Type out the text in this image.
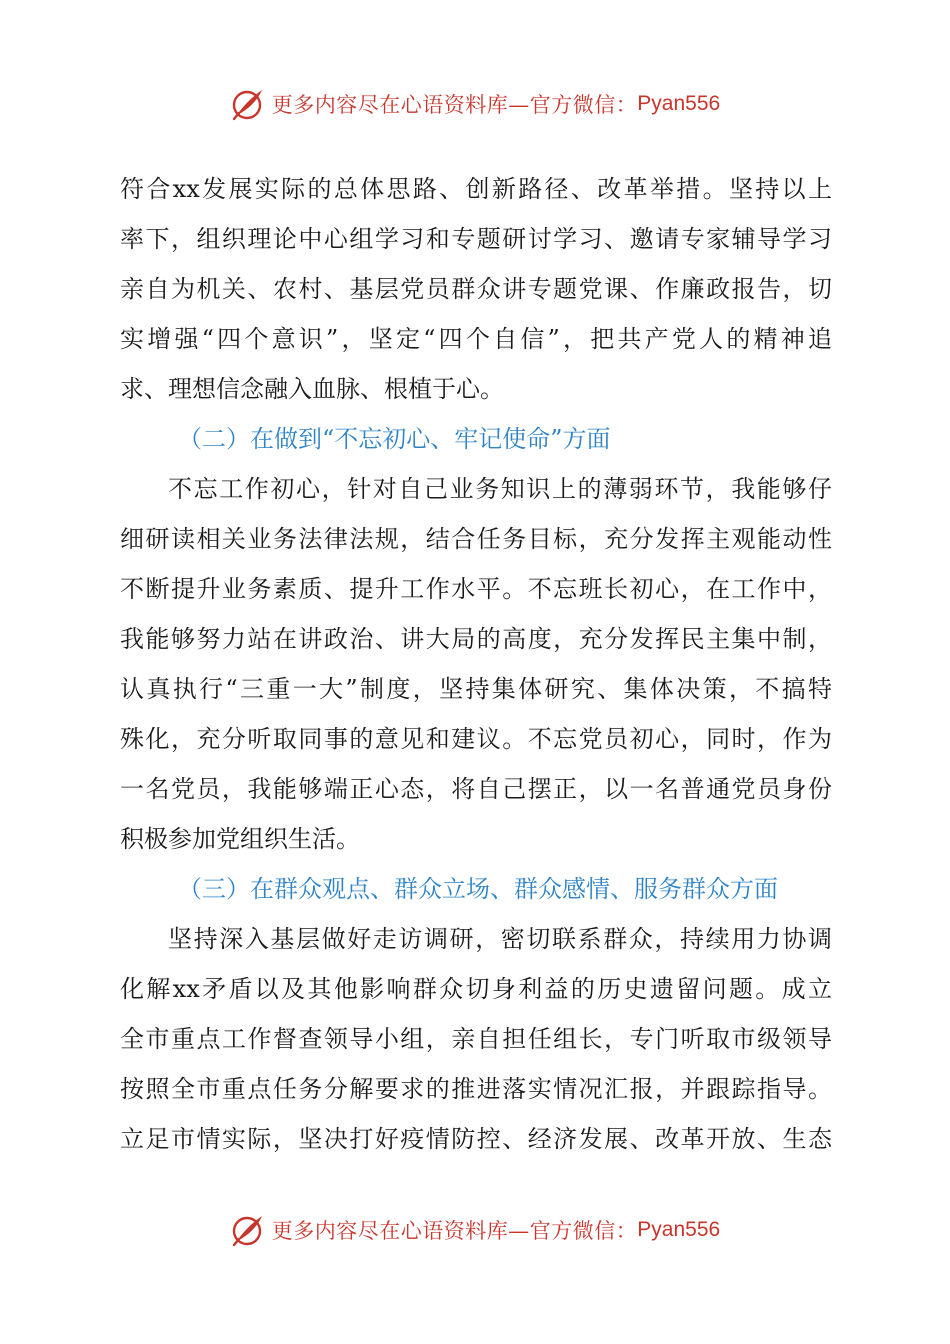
更多内容尽在心语资料库—官方微信： Pyan556
符合xx发展实际的总体思路、创新路径、改革举措。坚持以上
率下，组织理论中心组学习和专题研讨学习、邀请专家辅导学习
亲自为机关、农村、基层党员群众讲专题党课、作廉政报告，切
实增强“四个意识”，坚定“四个自信”，把共产党人的精神追
求、理想信念融入血脉、根植于心。
（二）在做到“不忘初心、牢记使命”方面
不忘工作初心，针对自己业务知识上的薄弱环节，我能够仔
细研读相关业务法律法规，结合任务目标，充分发挥主观能动性
不断提升业务素质、提升工作水平。不忘班长初心，在工作中，
我能够努力站在讲政治、讲大局的高度，充分发挥民主集中制，
认真执行“三重一大”制度，坚持集体研究、集体决策，不搞特
殊化，充分听取同事的意见和建议。不忘党员初心，同时，作为
一名党员，我能够端正心态，将自己摆正，以一名普通党员身份
积极参加党组织生活。
（三）在群众观点、群众立场、群众感情、服务群众方面
坚持深入基层做好走访调研，密切联系群众，持续用力协调
化解xx矛盾以及其他影响群众切身利益的历史遗留问题。成立
全市重点工作督查领导小组，亲自担任组长，专门听取市级领导
按照全市重点任务分解要求的推进落实情况汇报，并跟踪指导。
立足市情实际，坚决打好疫情防控、经济发展、改革开放、生态
更多内容尽在心语资料库—官方微信： Pyan556
